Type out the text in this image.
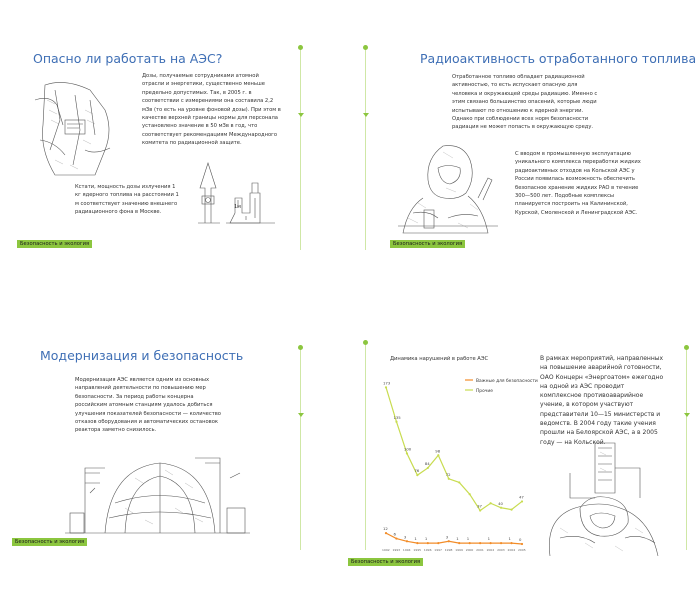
Опасно ли работать на АЭС?
Дозы, получаемые сотрудниками атомной отрасли и энергетики, существенно меньше предельно допустимых. Так, в 2005 г. в соответствии с измерениями она составила 2,2 мЗв (то есть на уровне фоновой дозы). При этом в качестве верхней границы нормы для персонала установлено значение в 50 мЗв в год, что соответствует рекомендациям Международного комитета по радиационной защите.
Кстати, мощность дозы излучения 1 кг ядерного топлива на расстоянии 1 м соответствует значению внешнего радиационного фона в Москве.
1м
Безопасность и экология
Радиоактивность отработанного топлива
Отработанное топливо обладает радиационной активностью, то есть испускает опасную для человека и окружающей среды радиацию. Именно с этим связано большинство опасений, которые люди испытывают по отношению к ядерной энергии. Однако при соблюдении всех норм безопасности радиация не может попасть в окружающую среду.
С вводом в промышленную эксплуатацию уникального комплекса переработки жидких радиоактивных отходов на Кольской АЭС у России появилась возможность обеспечить безопасное хранение жидких РАО в течение 300—500 лет. Подобные комплексы планируется построить на Калининской, Курской, Смоленской и Ленинградской АЭС.
Безопасность и экология
Модернизация и безопасность
Модернизация АЭС является одним из основных направлений деятельности по повышению мер безопасности. За период работы концерна российским атомным станциям удалось добиться улучшения показателей безопасности — количество отказов оборудования и автоматических остановок реактора заметно снизилось.
Безопасность и экология
Динамика нарушений в работе АЭС
Важные для безопасности
Прочие
173
135
100
76
84
98
72
37
40
47
12
6
3 1 1	3 1 1	1	1 0
1992 1993 1994 1995 1996 1997 1998 1999 2000 2001 2002 2003 2004 2005
В рамках мероприятий, направленных на повышение аварийной готовности, ОАО Концерн «Энергоатом» ежегодно на одной из АЭС проводит комплексное противоаварийное учение, в котором участвуют представители 10—15 министерств и ведомств. В 2004 году такие учения прошли на Белоярской АЭС, а в 2005 году — на Кольской.
Безопасность и экология
